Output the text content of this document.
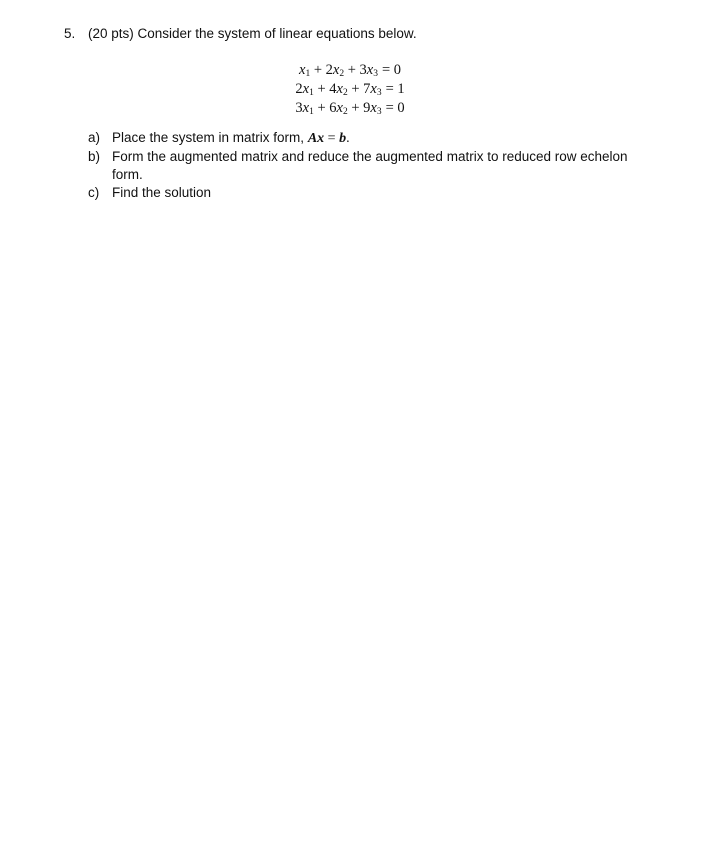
5. (20 pts) Consider the system of linear equations below.
$x_1 + 2x_2 + 3x_3 = 0$
$2x_1 + 4x_2 + 7x_3 = 1$
$3x_1 + 6x_2 + 9x_3 = 0$
a) Place the system in matrix form, Ax = b.
b) Form the augmented matrix and reduce the augmented matrix to reduced row echelon form.
c) Find the solution
